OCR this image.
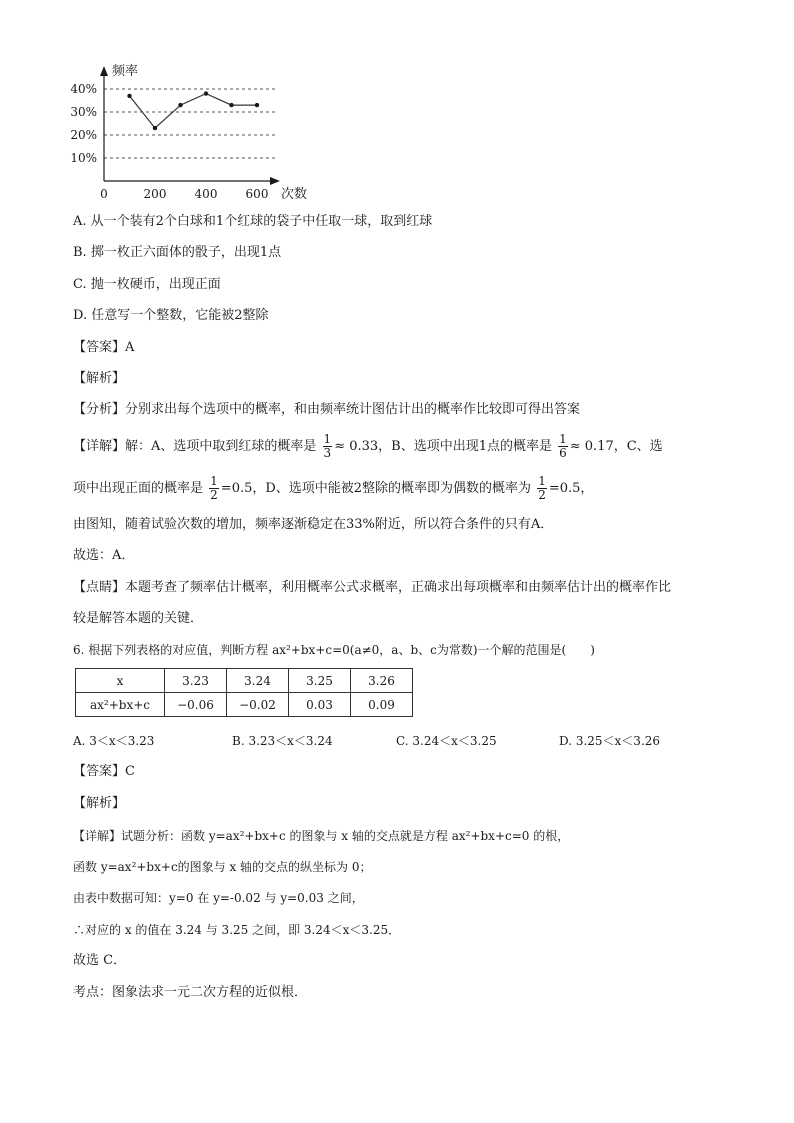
10%
20%
30%
40%
0	200 400 600
频率
次数
A. 从一个装有2个白球和1个红球的袋子中任取一球，取到红球
B. 掷一枚正六面体的骰子，出现1点
C. 抛一枚硬币，出现正面
D. 任意写一个整数，它能被2整除
【答案】A
【解析】
【分析】分别求出每个选项中的概率，和由频率统计图估计出的概率作比较即可得出答案
【详解】解：A、选项中取到红球的概率是 $\frac{1}{3} \approx 0.33$，B、选项中出现1点的概率是 $\frac{1}{6} \approx 0.17$，C、选
项中出现正面的概率是 $\frac{1}{2} =0.5$，D、选项中能被2整除的概率即为偶数的概率为 $\frac{1}{2} =0.5$，
由图知，随着试验次数的增加，频率逐渐稳定在33%附近，所以符合条件的只有A．
故选：A．
【点睛】本题考查了频率估计概率，利用概率公式求概率，正确求出每项概率和由频率估计出的概率作比
较是解答本题的关键．
6. 根据下列表格的对应值，判断方程 ax²+bx+c=0(a≠0，a、b、c为常数)一个解的范围是(　　)
x	3.23	3.24	3.25	3.26
ax²+bx+c	−0.06	−0.02	0.03	0.09
A. 3＜x＜3.23	B. 3.23＜x＜3.24	C. 3.24＜x＜3.25	D. 3.25＜x＜3.26
【答案】C
【解析】
【详解】试题分析：函数 y=ax²+bx+c 的图象与 x 轴的交点就是方程 ax²+bx+c=0 的根，
函数 y=ax²+bx+c的图象与 x 轴的交点的纵坐标为 0；
由表中数据可知：y=0 在 y=-0.02 与 y=0.03 之间，
∴对应的 x 的值在 3.24 与 3.25 之间，即 3.24＜x＜3.25．
故选 C．
考点：图象法求一元二次方程的近似根．
